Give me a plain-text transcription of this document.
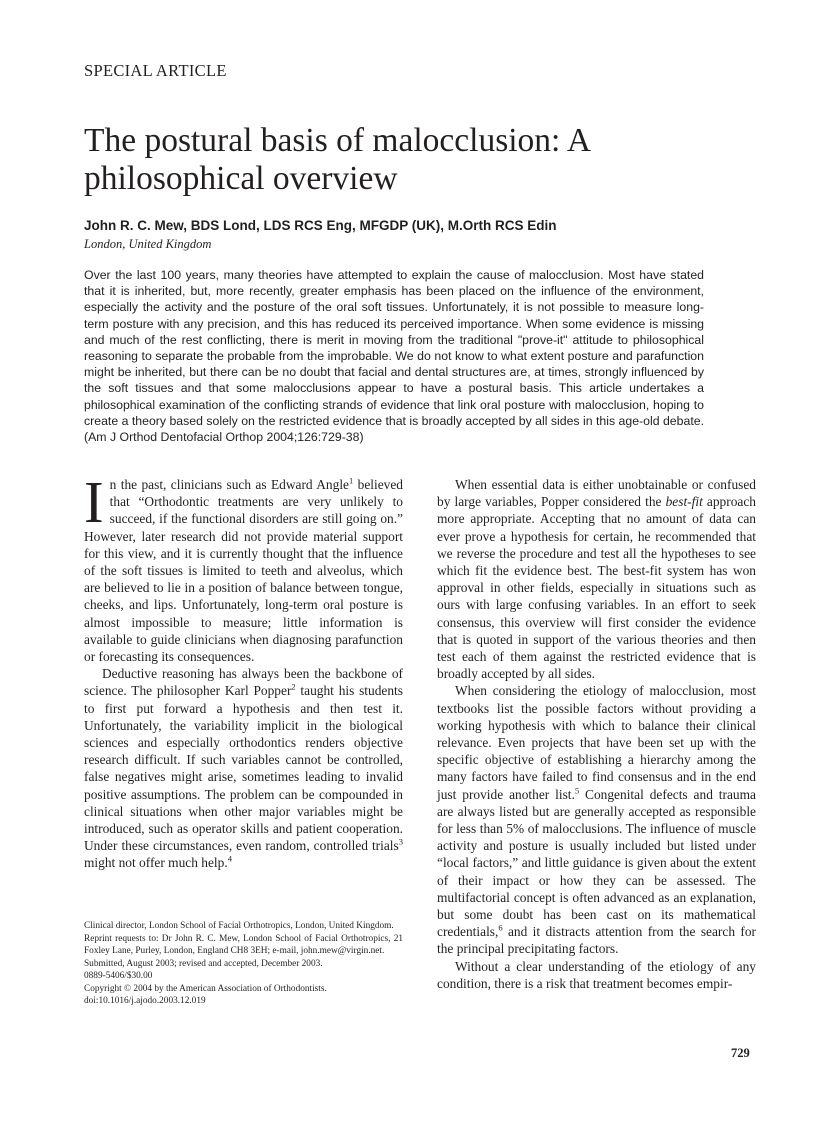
SPECIAL ARTICLE
The postural basis of malocclusion: A philosophical overview
John R. C. Mew, BDS Lond, LDS RCS Eng, MFGDP (UK), M.Orth RCS Edin
London, United Kingdom

Over the last 100 years, many theories have attempted to explain the cause of malocclusion. Most have stated that it is inherited, but, more recently, greater emphasis has been placed on the influence of the environment, especially the activity and the posture of the oral soft tissues. Unfortunately, it is not possible to measure long-term posture with any precision, and this has reduced its perceived importance. When some evidence is missing and much of the rest conflicting, there is merit in moving from the traditional "prove-it" attitude to philosophical reasoning to separate the probable from the improbable. We do not know to what extent posture and parafunction might be inherited, but there can be no doubt that facial and dental structures are, at times, strongly influenced by the soft tissues and that some malocclusions appear to have a postural basis. This article undertakes a philosophical examination of the conflicting strands of evidence that link oral posture with malocclusion, hoping to create a theory based solely on the restricted evidence that is broadly accepted by all sides in this age-old debate. (Am J Orthod Dentofacial Orthop 2004;126:729-38)

In the past, clinicians such as Edward Angle$^1$ believed that “Orthodontic treatments are very unlikely to succeed, if the functional disorders are still going on.” However, later research did not provide material support for this view, and it is currently thought that the influence of the soft tissues is limited to teeth and alveolus, which are believed to lie in a position of balance between tongue, cheeks, and lips. Unfortunately, long-term oral posture is almost impossible to measure; little information is available to guide clinicians when diagnosing parafunction or forecasting its consequences.

Deductive reasoning has always been the backbone of science. The philosopher Karl Popper$^2$ taught his students to first put forward a hypothesis and then test it. Unfortunately, the variability implicit in the biological sciences and especially orthodontics renders objective research difficult. If such variables cannot be controlled, false negatives might arise, sometimes leading to invalid positive assumptions. The problem can be compounded in clinical situations when other major variables might be introduced, such as operator skills and patient cooperation. Under these circumstances, even random, controlled trials$^3$ might not offer much help.$^4$

Clinical director, London School of Facial Orthotropics, London, United Kingdom.
Reprint requests to: Dr John R. C. Mew, London School of Facial Orthotropics, 21 Foxley Lane, Purley, London, England CH8 3EH; e-mail, john.mew@virgin.net.
Submitted, August 2003; revised and accepted, December 2003.
0889-5406/$30.00
Copyright © 2004 by the American Association of Orthodontists.
doi:10.1016/j.ajodo.2003.12.019

When essential data is either unobtainable or confused by large variables, Popper considered the best-fit approach more appropriate. Accepting that no amount of data can ever prove a hypothesis for certain, he recommended that we reverse the procedure and test all the hypotheses to see which fit the evidence best. The best-fit system has won approval in other fields, especially in situations such as ours with large confusing variables. In an effort to seek consensus, this overview will first consider the evidence that is quoted in support of the various theories and then test each of them against the restricted evidence that is broadly accepted by all sides.

When considering the etiology of malocclusion, most textbooks list the possible factors without providing a working hypothesis with which to balance their clinical relevance. Even projects that have been set up with the specific objective of establishing a hierarchy among the many factors have failed to find consensus and in the end just provide another list.$^5$ Congenital defects and trauma are always listed but are generally accepted as responsible for less than 5% of malocclusions. The influence of muscle activity and posture is usually included but listed under “local factors,” and little guidance is given about the extent of their impact or how they can be assessed. The multifactorial concept is often advanced as an explanation, but some doubt has been cast on its mathematical credentials,$^6$ and it distracts attention from the search for the principal precipitating factors.

Without a clear understanding of the etiology of any condition, there is a risk that treatment becomes empir-

729
